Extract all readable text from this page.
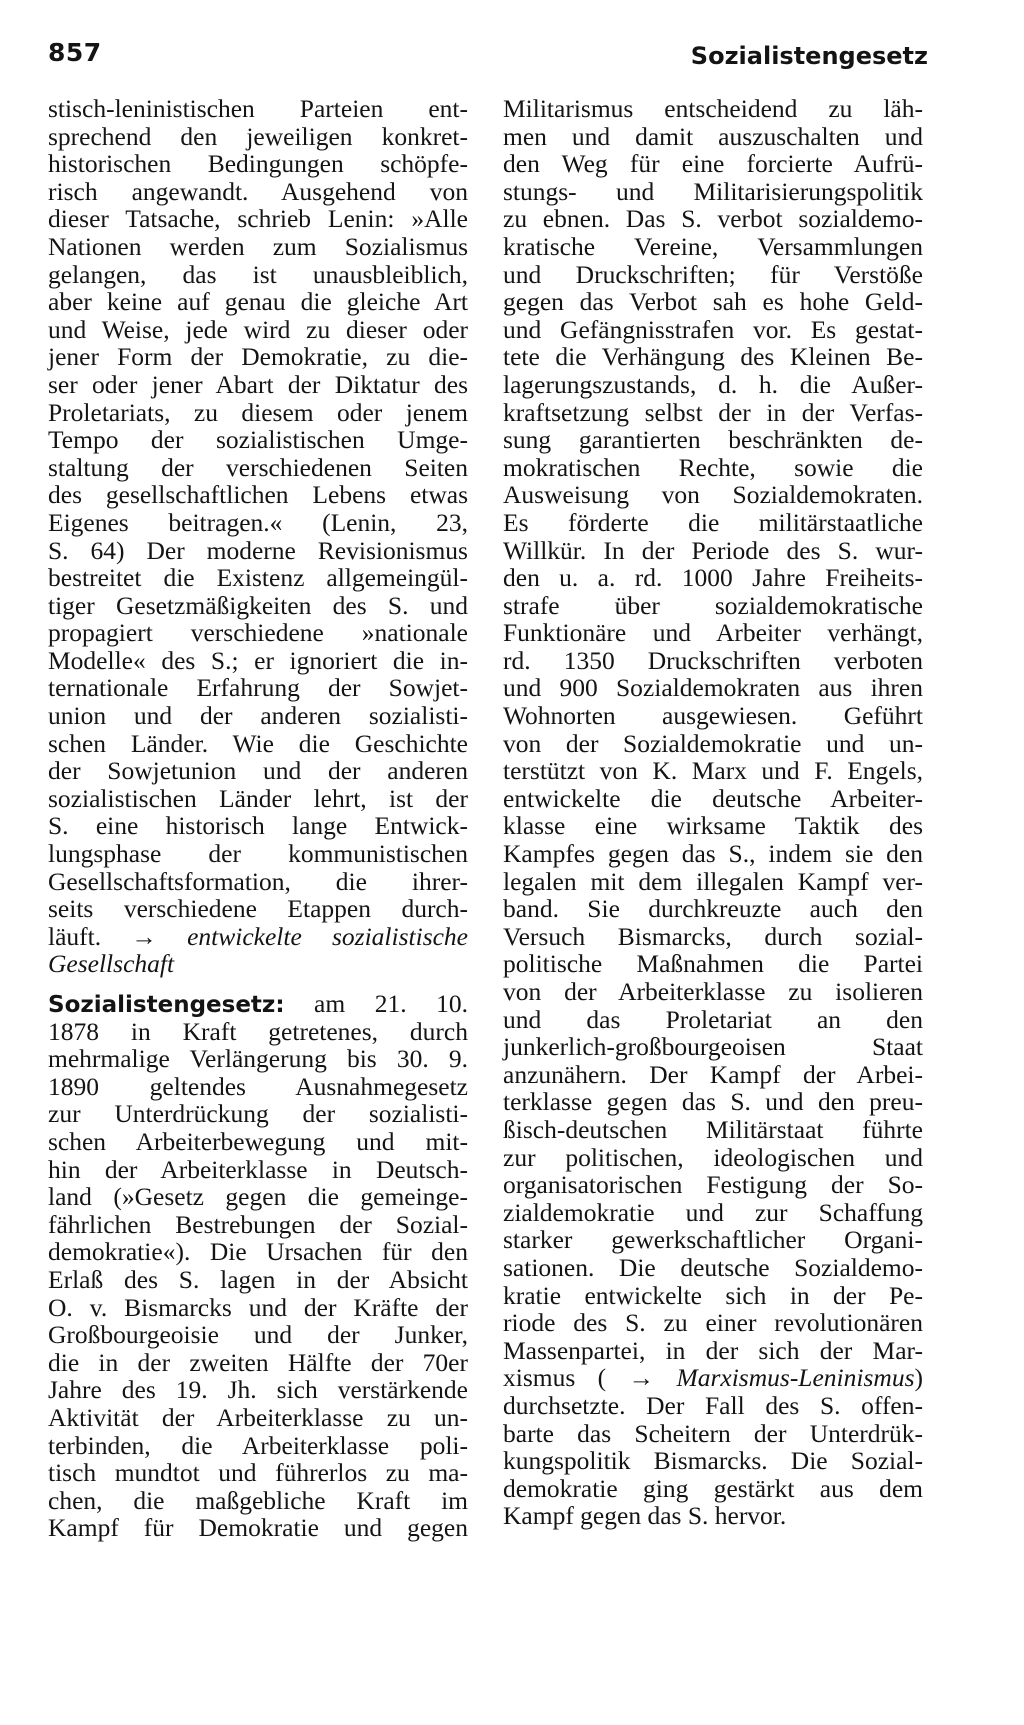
857	Sozialistengesetz
stisch-leninistischen Parteien ent-
sprechend den jeweiligen konkret-
historischen Bedingungen schöpfe-
risch angewandt. Ausgehend von
dieser Tatsache, schrieb Lenin: »Alle
Nationen werden zum Sozialismus
gelangen, das ist unausbleiblich,
aber keine auf genau die gleiche Art
und Weise, jede wird zu dieser oder
jener Form der Demokratie, zu die-
ser oder jener Abart der Diktatur des
Proletariats, zu diesem oder jenem
Tempo der sozialistischen Umge-
staltung der verschiedenen Seiten
des gesellschaftlichen Lebens etwas
Eigenes beitragen.« (Lenin, 23,
S. 64) Der moderne Revisionismus
bestreitet die Existenz allgemeingül-
tiger Gesetzmäßigkeiten des S. und
propagiert verschiedene »nationale
Modelle« des S.; er ignoriert die in-
ternationale Erfahrung der Sowjet-
union und der anderen sozialisti-
schen Länder. Wie die Geschichte
der Sowjetunion und der anderen
sozialistischen Länder lehrt, ist der
S. eine historisch lange Entwick-
lungsphase der kommunistischen
Gesellschaftsformation, die ihrer-
seits verschiedene Etappen durch-
läuft. → entwickelte sozialistische
Gesellschaft
Sozialistengesetz: am 21. 10.
1878 in Kraft getretenes, durch
mehrmalige Verlängerung bis 30. 9.
1890 geltendes Ausnahmegesetz
zur Unterdrückung der sozialisti-
schen Arbeiterbewegung und mit-
hin der Arbeiterklasse in Deutsch-
land (»Gesetz gegen die gemeinge-
fährlichen Bestrebungen der Sozial-
demokratie«). Die Ursachen für den
Erlaß des S. lagen in der Absicht
O. v. Bismarcks und der Kräfte der
Großbourgeoisie und der Junker,
die in der zweiten Hälfte der 70er
Jahre des 19. Jh. sich verstärkende
Aktivität der Arbeiterklasse zu un-
terbinden, die Arbeiterklasse poli-
tisch mundtot und führerlos zu ma-
chen, die maßgebliche Kraft im
Kampf für Demokratie und gegen
Militarismus entscheidend zu läh-
men und damit auszuschalten und
den Weg für eine forcierte Aufrü-
stungs- und Militarisierungspolitik
zu ebnen. Das S. verbot sozialdemo-
kratische Vereine, Versammlungen
und Druckschriften; für Verstöße
gegen das Verbot sah es hohe Geld-
und Gefängnisstrafen vor. Es gestat-
tete die Verhängung des Kleinen Be-
lagerungszustands, d. h. die Außer-
kraftsetzung selbst der in der Verfas-
sung garantierten beschränkten de-
mokratischen Rechte, sowie die
Ausweisung von Sozialdemokraten.
Es förderte die militärstaatliche
Willkür. In der Periode des S. wur-
den u. a. rd. 1000 Jahre Freiheits-
strafe über sozialdemokratische
Funktionäre und Arbeiter verhängt,
rd. 1350 Druckschriften verboten
und 900 Sozialdemokraten aus ihren
Wohnorten ausgewiesen. Geführt
von der Sozialdemokratie und un-
terstützt von K. Marx und F. Engels,
entwickelte die deutsche Arbeiter-
klasse eine wirksame Taktik des
Kampfes gegen das S., indem sie den
legalen mit dem illegalen Kampf ver-
band. Sie durchkreuzte auch den
Versuch Bismarcks, durch sozial-
politische Maßnahmen die Partei
von der Arbeiterklasse zu isolieren
und das Proletariat an den
junkerlich-großbourgeoisen Staat
anzunähern. Der Kampf der Arbei-
terklasse gegen das S. und den preu-
ßisch-deutschen Militärstaat führte
zur politischen, ideologischen und
organisatorischen Festigung der So-
zialdemokratie und zur Schaffung
starker gewerkschaftlicher Organi-
sationen. Die deutsche Sozialdemo-
kratie entwickelte sich in der Pe-
riode des S. zu einer revolutionären
Massenpartei, in der sich der Mar-
xismus ( → Marxismus-Leninismus)
durchsetzte. Der Fall des S. offen-
barte das Scheitern der Unterdrük-
kungspolitik Bismarcks. Die Sozial-
demokratie ging gestärkt aus dem
Kampf gegen das S. hervor.
